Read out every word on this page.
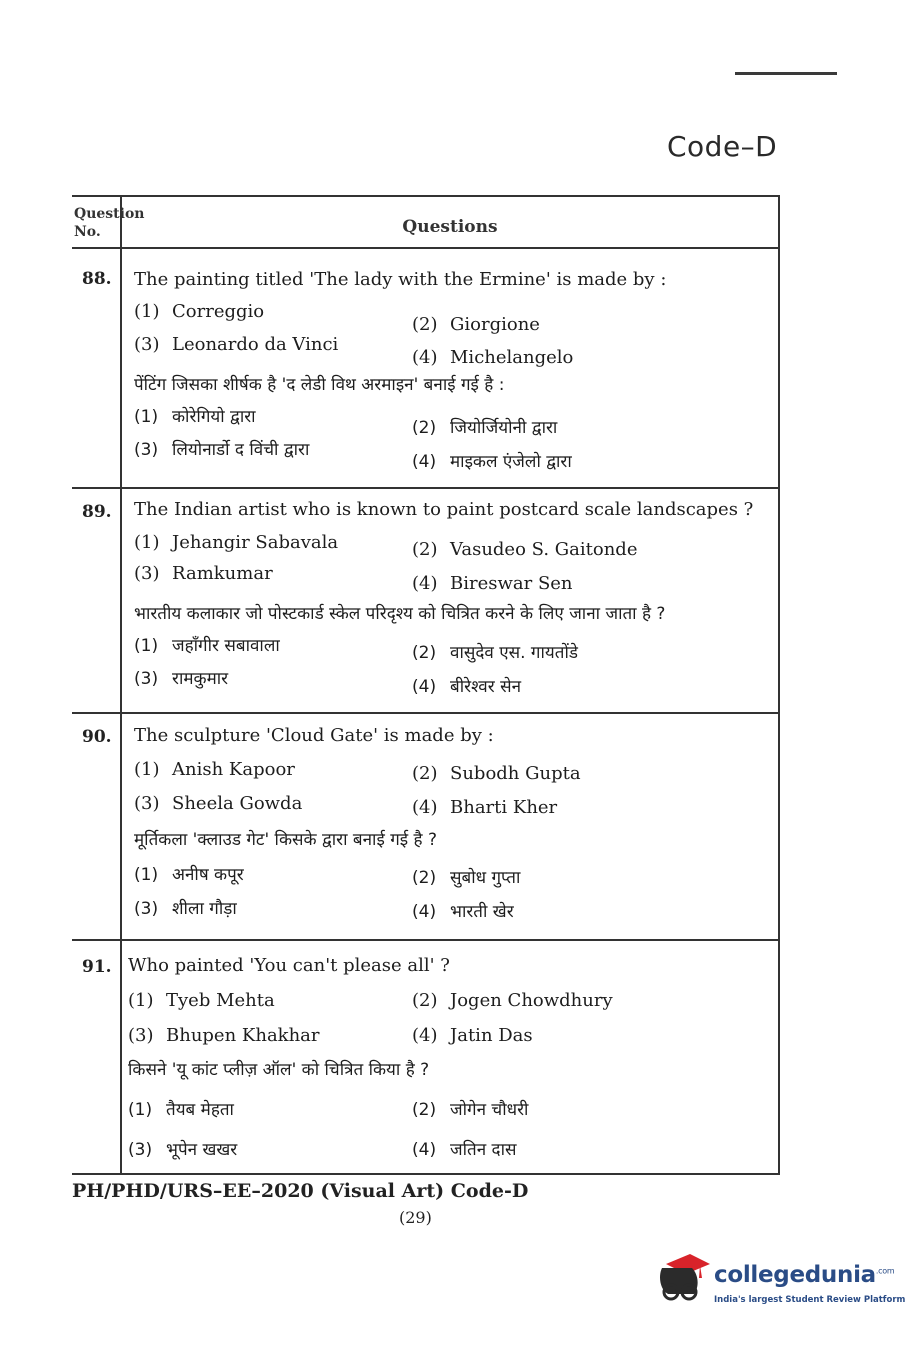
Code–D
Question
No.	Questions
88. The painting titled 'The lady with the Ermine' is made by :
(1) Correggio
(2) Giorgione
(3) Leonardo da Vinci
(4) Michelangelo
पेंटिंग जिसका शीर्षक है 'द लेडी विथ अरमाइन' बनाई गई है :
(1) कोरेगियो द्वारा
(2) जियोर्जियोनी द्वारा
(3) लियोनार्डो द विंची द्वारा
(4) माइकल एंजेलो द्वारा
89. The Indian artist who is known to paint postcard scale landscapes ?
(1) Jehangir Sabavala	(2) Vasudeo S. Gaitonde
(3) Ramkumar	(4) Bireswar Sen
भारतीय कलाकार जो पोस्टकार्ड स्केल परिदृश्य को चित्रित करने के लिए जाना जाता है ?
(1) जहाँगीर सबावाला	(2) वासुदेव एस. गायतोंडे
(3) रामकुमार	(4) बीरेश्वर सेन
90. The sculpture 'Cloud Gate' is made by :
(1) Anish Kapoor	(2) Subodh Gupta
(3) Sheela Gowda	(4) Bharti Kher
मूर्तिकला 'क्लाउड गेट' किसके द्वारा बनाई गई है ?
(1) अनीष कपूर	(2) सुबोध गुप्ता
(3) शीला गौड़ा	(4) भारती खेर
91. Who painted 'You can't please all' ?
(1) Tyeb Mehta	(2) Jogen Chowdhury
(3) Bhupen Khakhar	(4) Jatin Das
किसने 'यू कांट प्लीज़ ऑल' को चित्रित किया है ?
(1) तैयब मेहता	(2) जोगेन चौधरी
(3) भूपेन खखर	(4) जतिन दास
PH/PHD/URS–EE–2020 (Visual Art) Code-D
(29)
collegedunia$^{.com}$
India's largest Student Review Platform
